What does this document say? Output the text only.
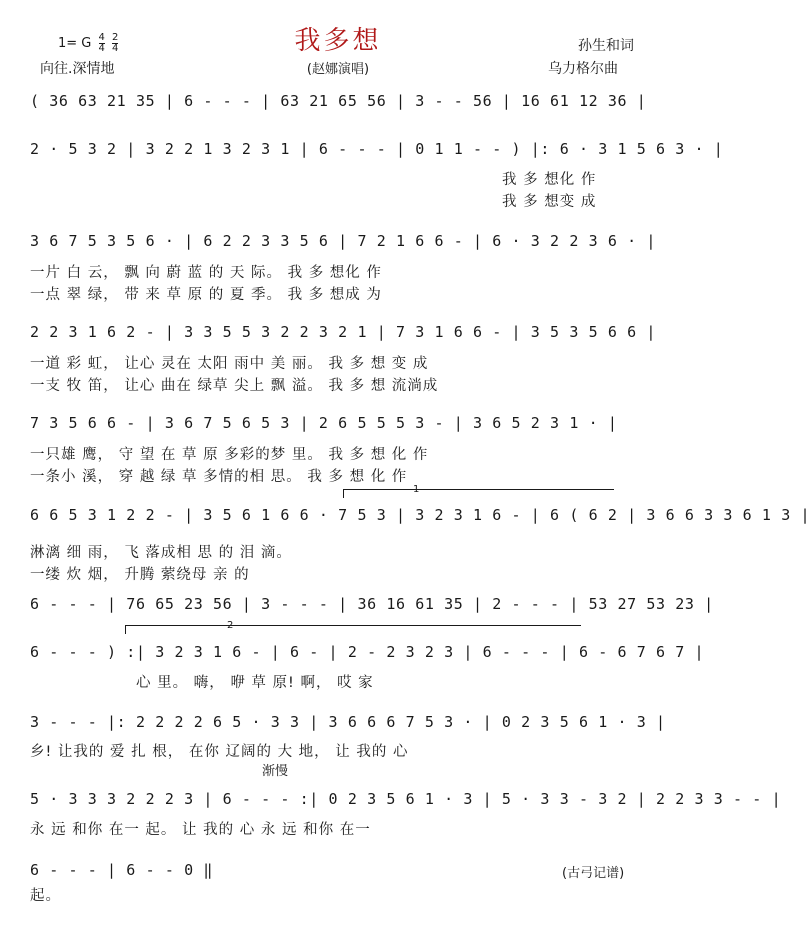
我多想
1= G $\frac{4}{4}$
$\frac{2}{4}$
向往.深情地	(赵娜演唱)
孙生和词
乌力格尔曲
( 36 63 21 35 | 6 - - - | 63 21 65 56 | 3 - - 56 | 16 61 12 36 |
2 · 5 3 2 | 3 2 2 1 3 2 3 1 | 6 - - - | 0 1 1 - - ) |: 6 · 3 1 5 6 3 · |
我 多 想化 作
我 多 想变 成
3 6 7 5 3 5 6 · | 6 2 2 3 3 5 6 | 7 2 1 6 6 - | 6 · 3 2 2 3 6 · |
一片 白 云， 飘 向 蔚 蓝 的 天 际。 我 多 想化 作
一点 翠 绿， 带 来 草 原 的 夏 季。 我 多 想成 为
2 2 3 1 6 2 - | 3 3 5 5 3 2 2 3 2 1 | 7 3 1 6 6 - | 3 5 3 5 6 6 |
一道 彩 虹， 让心 灵在 太阳 雨中 美 丽。 我 多 想 变 成
一支 牧 笛， 让心 曲在 绿草 尖上 飘 溢。 我 多 想 流淌成
7 3 5 6 6 - | 3 6 7 5 6 5 3 | 2 6 5 5 5 3 - | 3 6 5 2 3 1 · |
一只雄 鹰， 守 望 在 草 原 多彩的梦 里。 我 多 想 化 作
一条小 溪， 穿 越 绿 草 多情的相 思。 我 多 想 化 作
1
6 6 5 3 1 2 2 - | 3 5 6 1 6 6 · 7 5 3 | 3 2 3 1 6 - | 6 ( 6 2 | 3 6 6 3 3 6 1 3 |
淋漓 细 雨， 飞 落成相 思 的 泪 滴。
一缕 炊 烟， 升腾 萦绕母 亲 的
6 - - - | 76 65 23 56 | 3 - - - | 36 16 61 35 | 2 - - - | 53 27 53 23 |
2
6 - - - ) :| 3 2 3 1 6 - | 6 - | 2 - 2 3 2 3 | 6 - - - | 6 - 6 7 6 7 |
心 里。 嗨， 咿 草 原! 啊， 哎 家
3 - - - |: 2 2 2 2 6 5 · 3 3 | 3 6 6 6 7 5 3 · | 0 2 3 5 6 1 · 3 |
乡! 让我的 爱 扎 根， 在你 辽阔的 大 地， 让 我的 心
渐慢
5 · 3 3 3 2 2 2 3 | 6 - - - :| 0 2 3 5 6 1 · 3 | 5 · 3 3 - 3 2 | 2 2 3 3 - - |
永 远 和你 在一 起。 让 我的 心 永 远 和你 在一
6 - - - | 6 - - 0 ‖
起。
(古弓记谱)
